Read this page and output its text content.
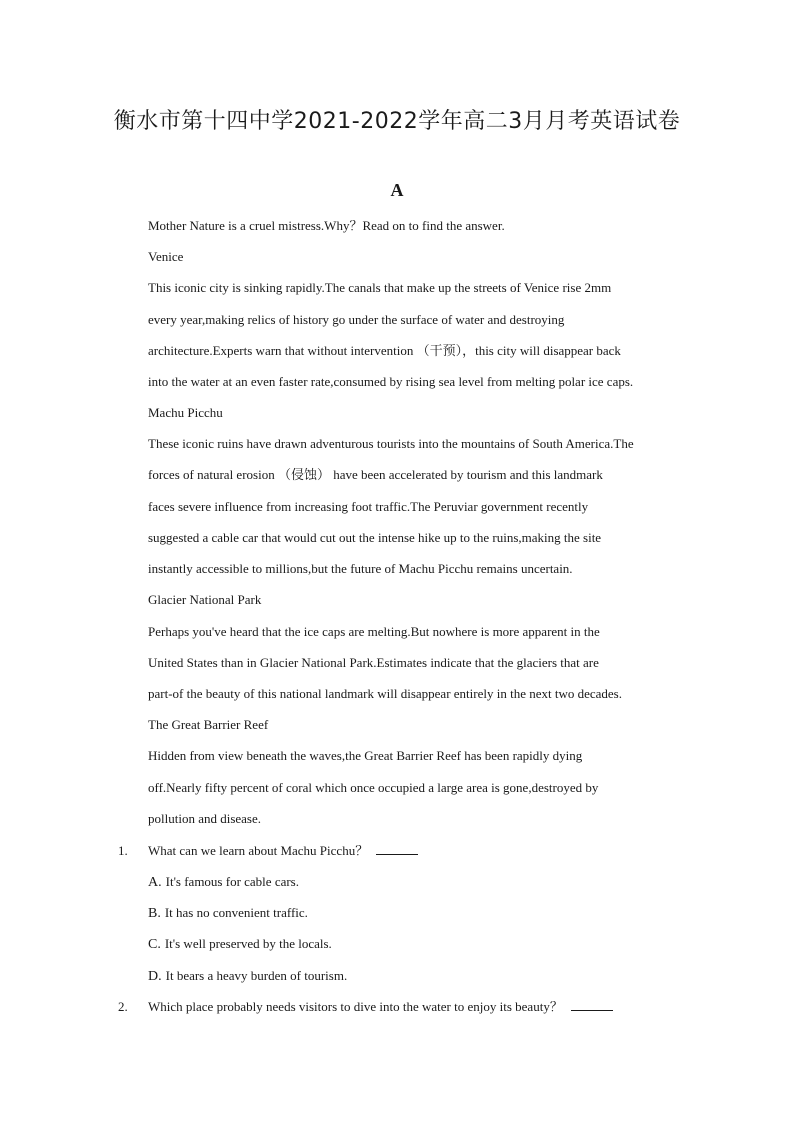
衡水市第十四中学2021-2022学年高二3月月考英语试卷
A
Mother Nature is a cruel mistress.Why？Read on to find the answer.
Venice
This iconic city is sinking rapidly.The canals that make up the streets of Venice rise 2mm
every year,making relics of history go under the surface of water and destroying
architecture.Experts warn that without intervention （干预），this city will disappear back
into the water at an even faster rate,consumed by rising sea level from melting polar ice caps.
Machu Picchu
These iconic ruins have drawn adventurous tourists into the mountains of South America.The
forces of natural erosion （侵蚀） have been accelerated by tourism and this landmark
faces severe influence from increasing foot traffic.The Peruviar government recently
suggested a cable car that would cut out the intense hike up to the ruins,making the site
instantly accessible to millions,but the future of Machu Picchu remains uncertain.
Glacier National Park
Perhaps you've heard that the ice caps are melting.But nowhere is more apparent in the
United States than in Glacier National Park.Estimates indicate that the glaciers that are
part-of the beauty of this national landmark will disappear entirely in the next two decades.
The Great Barrier Reef
Hidden from view beneath the waves,the Great Barrier Reef has been rapidly dying
off.Nearly fifty percent of coral which once occupied a large area is gone,destroyed by
pollution and disease.
1. What can we learn about Machu Picchu？
A. It's famous for cable cars.
B. It has no convenient traffic.
C. It's well preserved by the locals.
D. It bears a heavy burden of tourism.
2. Which place probably needs visitors to dive into the water to enjoy its beauty？
